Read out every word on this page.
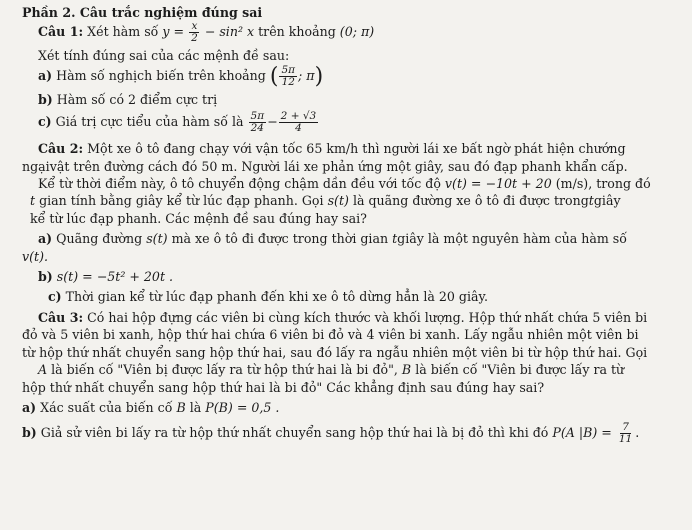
Phần 2. Câu trắc nghiệm đúng sai
Câu 1: Xét hàm số $y = \frac{x}{2} - \sin^2$ x trên khoảng (0; π)
Xét tính đúng sai của các mệnh đề sau:
a) Hàm số nghịch biến trên khoảng ( $\frac{5\pi}{12}$ ; π)
b) Hàm số có 2 điểm cực trị
c) Giá trị cực tiểu của hàm số là $\frac{5\pi}{24} - \frac{2 + √3}{4}$
Câu 2: Một xe ô tô đang chạy với vận tốc 65 km/h thì người lái xe bất ngờ phát hiện chướng
ngạivật trên đường cách đó 50 m. Người lái xe phản ứng một giây, sau đó đạp phanh khẩn cấp.
Kể từ thời điểm này, ô tô chuyển động chậm dần đều với tốc độ v(t) = −10t + 20 (m/s), trong đó
t gian tính bằng giây kể từ lúc đạp phanh. Gọi s(t) là quãng đường xe ô tô đi được trongtgiây
kể từ lúc đạp phanh. Các mệnh đề sau đúng hay sai?
a) Quãng đường s(t) mà xe ô tô đi được trong thời gian tgiây là một nguyên hàm của hàm số
v(t).
b) s(t) = −5t² + 20t .
c) Thời gian kể từ lúc đạp phanh đến khi xe ô tô dừng hẳn là 20 giây.
Câu 3: Có hai hộp đựng các viên bi cùng kích thước và khối lượng. Hộp thứ nhất chứa 5 viên bi
đỏ và 5 viên bi xanh, hộp thứ hai chứa 6 viên bi đỏ và 4 viên bi xanh. Lấy ngẫu nhiên một viên bi
từ hộp thứ nhất chuyển sang hộp thứ hai, sau đó lấy ra ngẫu nhiên một viên bi từ hộp thứ hai. Gọi
A là biến cố "Viên bị được lấy ra từ hộp thứ hai là bi đỏ", B là biến cố "Viên bi được lấy ra từ
hộp thứ nhất chuyển sang hộp thứ hai là bi đỏ" Các khẳng định sau đúng hay sai?
a) Xác suất của biến cố B là P(B) = 0,5 .
b) Giả sử viên bi lấy ra từ hộp thứ nhất chuyển sang hộp thứ hai là bị đỏ thì khi đó P(A $|B) = \frac{7}{11}$ .
